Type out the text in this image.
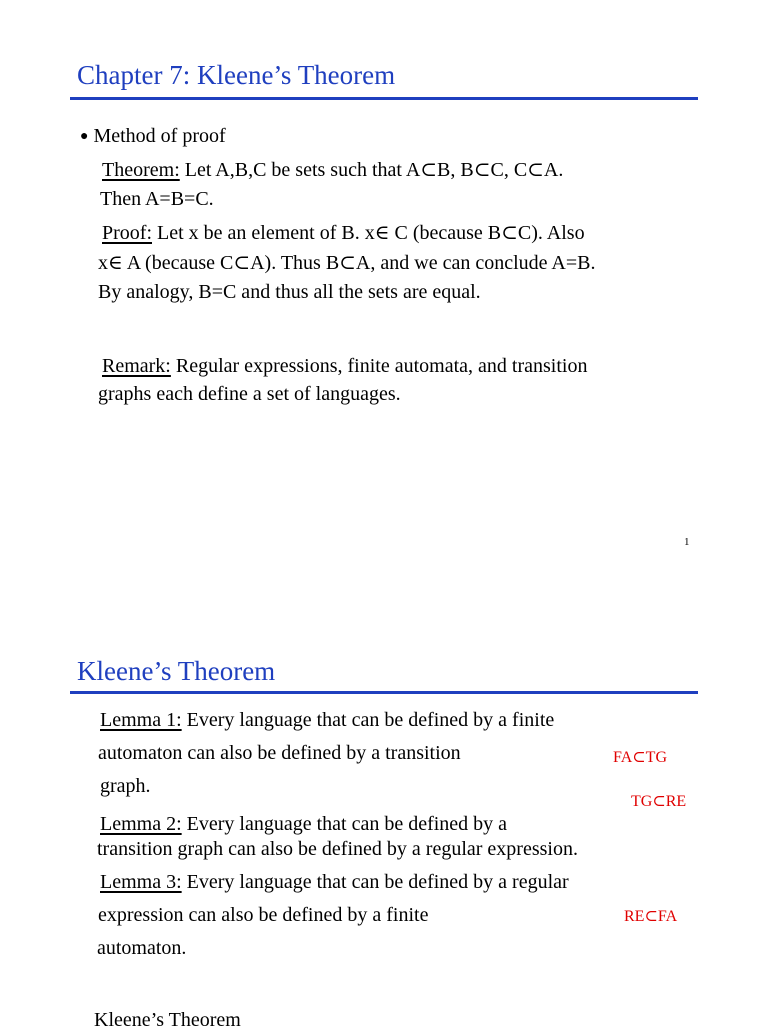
Chapter 7: Kleene’s Theorem
● Method of proof
Theorem: Let A,B,C be sets such that A⊂B, B⊂C, C⊂A.
Then A=B=C.
Proof: Let x be an element of B. x∈ C (because B⊂C). Also
x∈ A (because C⊂A). Thus B⊂A, and we can conclude A=B.
By analogy, B=C and thus all the sets are equal.
Remark: Regular expressions, finite automata, and transition
graphs each define a set of languages.
1
Kleene’s Theorem
Lemma 1: Every language that can be defined by a finite
automaton can also be defined by a transition
graph.
FA⊂TG
TG⊂RE
Lemma 2: Every language that can be defined by a
transition graph can also be defined by a regular expression.
Lemma 3: Every language that can be defined by a regular
expression can also be defined by a finite
automaton.
RE⊂FA
Kleene’s Theorem
